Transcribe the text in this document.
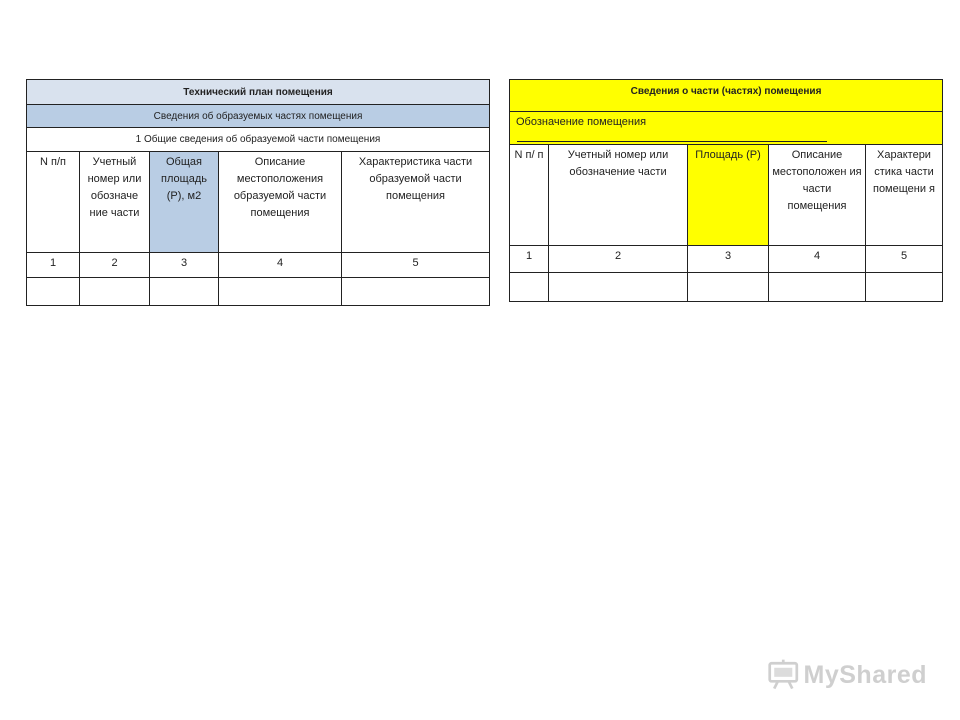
Технический план помещения				
Сведения об образуемых частях помещения				
1 Общие сведения об образуемой части помещения				
N п/п	Учетный номер или обозначе ние части	Общая площадь (Р), м2	Описание местоположения образуемой части помещения	Характеристика части образуемой части помещения
1	2	3	4	5

Сведения о части (частях) помещения				
Обозначение помещения				

N п/ п	Учетный номер или обозначение части	Площадь (Р)	Описание местоположен ия части помещения	Характери стика части помещени я
1	2	3	4	5

MyShared
